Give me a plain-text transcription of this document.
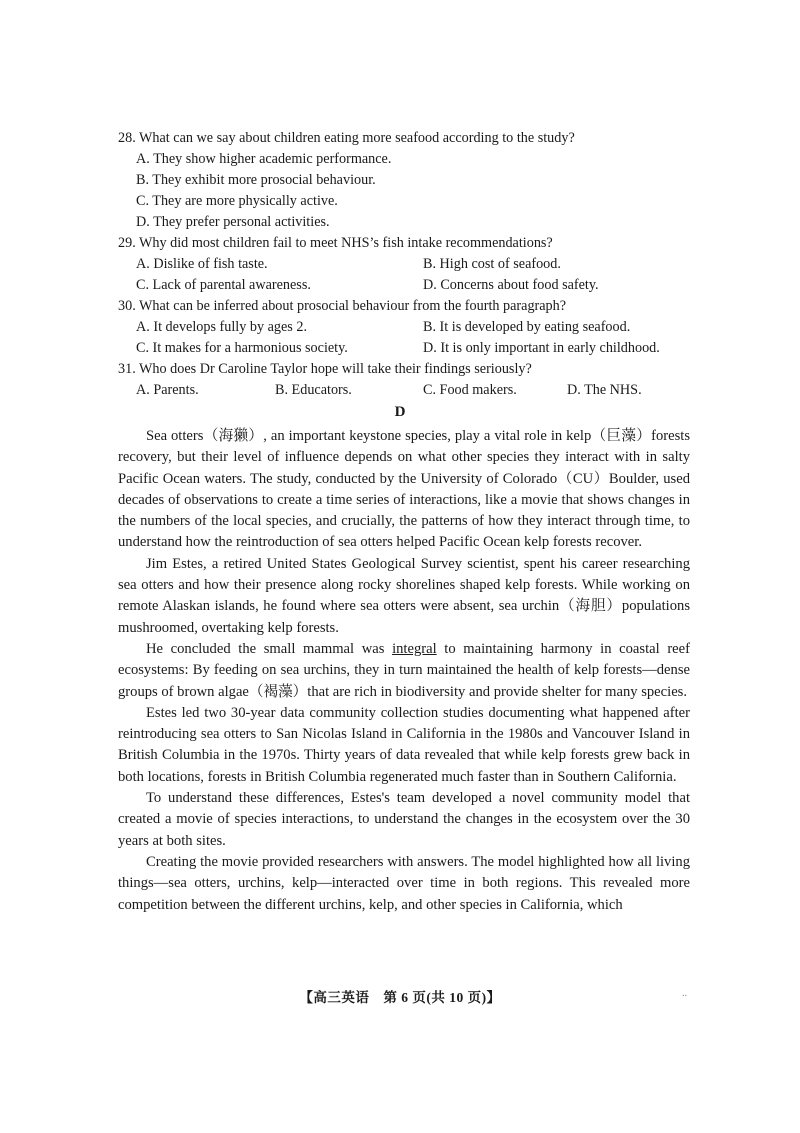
28. What can we say about children eating more seafood according to the study?
A. They show higher academic performance.
B. They exhibit more prosocial behaviour.
C. They are more physically active.
D. They prefer personal activities.
29. Why did most children fail to meet NHS’s fish intake recommendations?
A. Dislike of fish taste.	B. High cost of seafood.
C. Lack of parental awareness.	D. Concerns about food safety.
30. What can be inferred about prosocial behaviour from the fourth paragraph?
A. It develops fully by ages 2.	B. It is developed by eating seafood.
C. It makes for a harmonious society.	D. It is only important in early childhood.
31. Who does Dr Caroline Taylor hope will take their findings seriously?
A. Parents.	B. Educators.	C. Food makers.	D. The NHS.
D

Sea otters（海獭）, an important keystone species, play a vital role in kelp（巨藻）forests recovery, but their level of influence depends on what other species they interact with in salty Pacific Ocean waters. The study, conducted by the University of Colorado（CU）Boulder, used decades of observations to create a time series of interactions, like a movie that shows changes in the numbers of the local species, and crucially, the patterns of how they interact through time, to understand how the reintroduction of sea otters helped Pacific Ocean kelp forests recover.

Jim Estes, a retired United States Geological Survey scientist, spent his career researching sea otters and how their presence along rocky shorelines shaped kelp forests. While working on remote Alaskan islands, he found where sea otters were absent, sea urchin（海胆）populations mushroomed, overtaking kelp forests.

He concluded the small mammal was integral to maintaining harmony in coastal reef ecosystems: By feeding on sea urchins, they in turn maintained the health of kelp forests—dense groups of brown algae（褐藻）that are rich in biodiversity and provide shelter for many species.

Estes led two 30-year data community collection studies documenting what happened after reintroducing sea otters to San Nicolas Island in California in the 1980s and Vancouver Island in British Columbia in the 1970s. Thirty years of data revealed that while kelp forests grew back in both locations, forests in British Columbia regenerated much faster than in Southern California.

To understand these differences, Estes's team developed a novel community model that created a movie of species interactions, to understand the changes in the ecosystem over the 30 years at both sites.

Creating the movie provided researchers with answers. The model highlighted how all living things—sea otters, urchins, kelp—interacted over time in both regions. This revealed more competition between the different urchins, kelp, and other species in California, which

【高三英语　第 6 页(共 10 页)】	..
